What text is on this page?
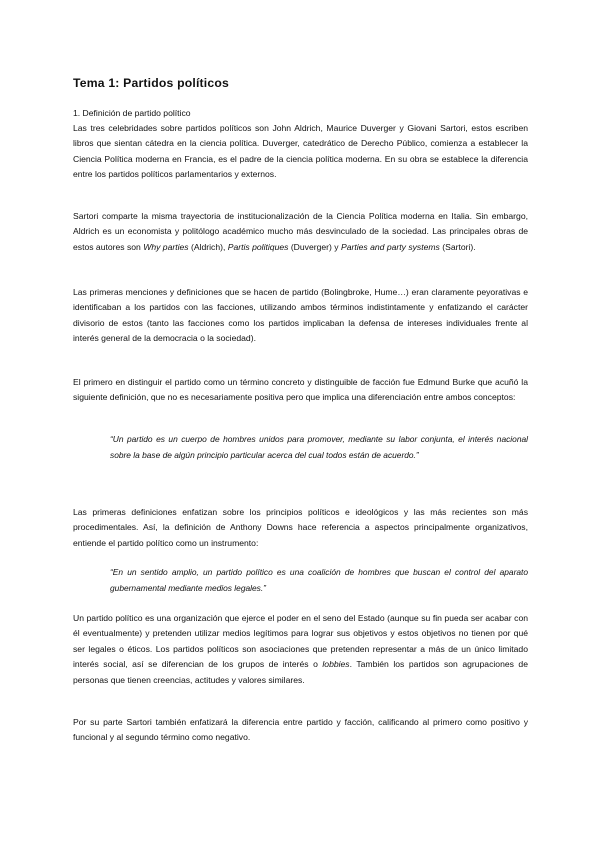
Tema 1: Partidos políticos
1. Definición de partido político

Las tres celebridades sobre partidos políticos son John Aldrich, Maurice Duverger y Giovani Sartori, estos escriben libros que sientan cátedra en la ciencia política. Duverger, catedrático de Derecho Público, comienza a establecer la Ciencia Política moderna en Francia, es el padre de la ciencia política moderna. En su obra se establece la diferencia entre los partidos políticos parlamentarios y externos.

Sartori comparte la misma trayectoria de institucionalización de la Ciencia Política moderna en Italia. Sin embargo, Aldrich es un economista y politólogo académico mucho más desvinculado de la sociedad. Las principales obras de estos autores son Why parties (Aldrich), Partis politiques (Duverger) y Parties and party systems (Sartori).

Las primeras menciones y definiciones que se hacen de partido (Bolingbroke, Hume…) eran claramente peyorativas e identificaban a los partidos con las facciones, utilizando ambos términos indistintamente y enfatizando el carácter divisorio de estos (tanto las facciones como los partidos implicaban la defensa de intereses individuales frente al interés general de la democracia o la sociedad).

El primero en distinguir el partido como un término concreto y distinguible de facción fue Edmund Burke que acuñó la siguiente definición, que no es necesariamente positiva pero que implica una diferenciación entre ambos conceptos:

“Un partido es un cuerpo de hombres unidos para promover, mediante su labor conjunta, el interés nacional sobre la base de algún principio particular acerca del cual todos están de acuerdo.”

Las primeras definiciones enfatizan sobre los principios políticos e ideológicos y las más recientes son más procedimentales. Así, la definición de Anthony Downs hace referencia a aspectos principalmente organizativos, entiende el partido político como un instrumento:

“En un sentido amplio, un partido político es una coalición de hombres que buscan el control del aparato gubernamental mediante medios legales.”

Un partido político es una organización que ejerce el poder en el seno del Estado (aunque su fin pueda ser acabar con él eventualmente) y pretenden utilizar medios legítimos para lograr sus objetivos y estos objetivos no tienen por qué ser legales o éticos. Los partidos políticos son asociaciones que pretenden representar a más de un único limitado interés social, así se diferencian de los grupos de interés o lobbies. También los partidos son agrupaciones de personas que tienen creencias, actitudes y valores similares.

Por su parte Sartori también enfatizará la diferencia entre partido y facción, calificando al primero como positivo y funcional y al segundo término como negativo.
